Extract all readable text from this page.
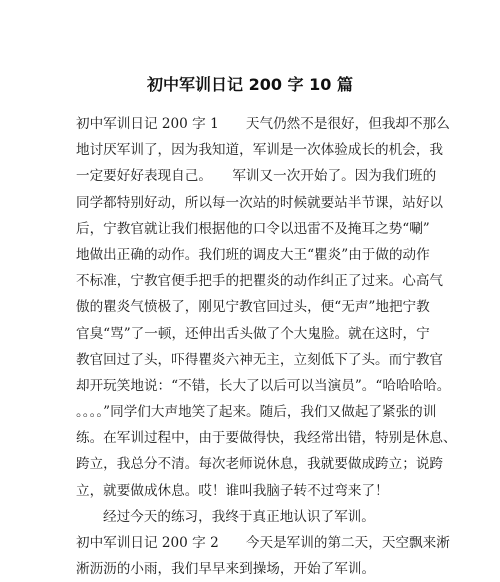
初中军训日记 200 字 10 篇
初中军训日记 200 字 1　　天气仍然不是很好，但我却不那么
地讨厌军训了，因为我知道，军训是一次体验成长的机会，我
一定要好好表现自己。　　军训又一次开始了。因为我们班的
同学都特别好动，所以每一次站的时候就要站半节课，站好以
后，宁教官就让我们根据他的口令以迅雷不及掩耳之势“唰”
地做出正确的动作。我们班的调皮大王“瞿炎”由于做的动作
不标准，宁教官便手把手的把瞿炎的动作纠正了过来。心高气
傲的瞿炎气愤极了，刚见宁教官回过头，便“无声”地把宁教
官臭“骂”了一顿，还伸出舌头做了个大鬼脸。就在这时，宁
教官回过了头，吓得瞿炎六神无主，立刻低下了头。而宁教官
却开玩笑地说：“不错，长大了以后可以当演员”。“哈哈哈哈。
。。。。”同学们大声地笑了起来。随后，我们又做起了紧张的训
练。在军训过程中，由于要做得快，我经常出错，特别是休息、
跨立，我总分不清。每次老师说休息，我就要做成跨立；说跨
立，就要做成休息。哎！谁叫我脑子转不过弯来了！
经过今天的练习，我终于真正地认识了军训。
初中军训日记 200 字 2　　今天是军训的第二天，天空飘来淅
淅沥沥的小雨，我们早早来到操场，开始了军训。
